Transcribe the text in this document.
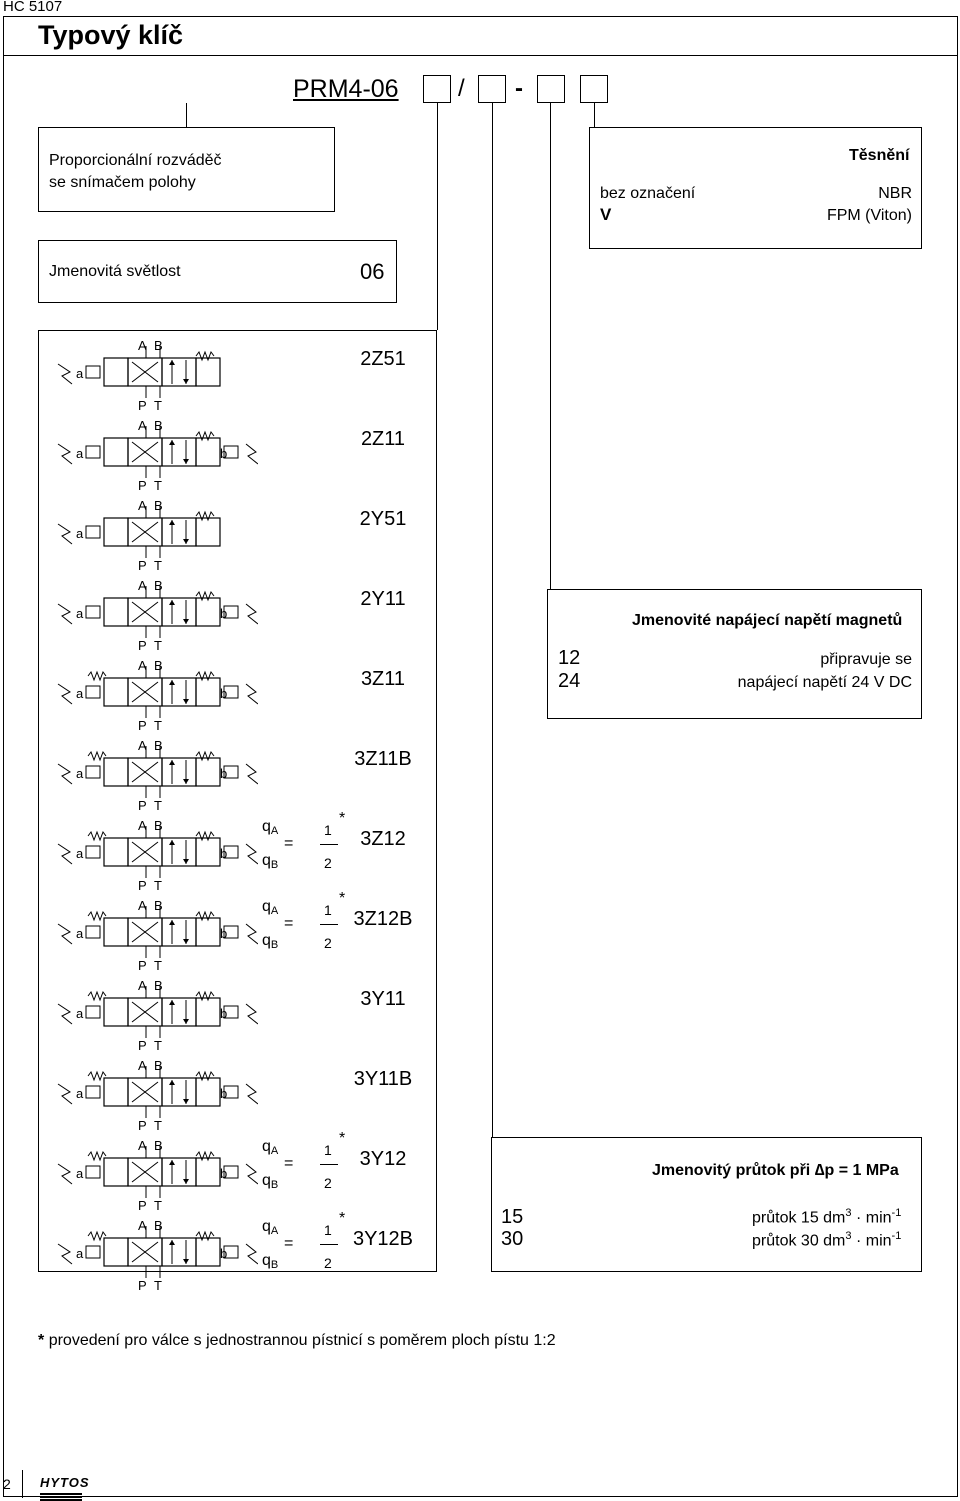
HC 5107
Typový klíč
PRM4-06 / -
Proporcionální rozváděč
se snímačem polohy
Těsnění
bez označení	NBR
V	FPM (Viton)
Jmenovitá světlost	06
A B
P T
a
2Z51
A B
P T
a	b
2Z11
A B
P T
a
2Y51
A B
P T
a	b
2Y11
A B
P T
a	b
3Z11
A B
P T
a	b
3Z11B
A B
P T
a	b
3Z12
$q_A$
=
1
2
*
$q_B$
A B
P T
a	b
3Z12B
$q_A$
=
1
2
*
$q_B$
A B
P T
a	b
3Y11
A B
P T
a	b
3Y11B
A B
P T
a	b
3Y12
$q_A$
=
1
2
*
$q_B$
A B
P T
a	b
3Y12B
$q_A$
=
1
2
*
$q_B$
Jmenovité napájecí napětí magnetů
12	připravuje se
24	napájecí napětí 24 V DC
Jmenovitý průtok při ∆p = 1 MPa
15	průtok 15 $dm^3 \cdot \min^{-1}$
30	průtok 30 $dm^3 \cdot \min^{-1}$
* provedení pro válce s jednostrannou pístnicí s poměrem ploch pístu 1:2
2 HYTOS
